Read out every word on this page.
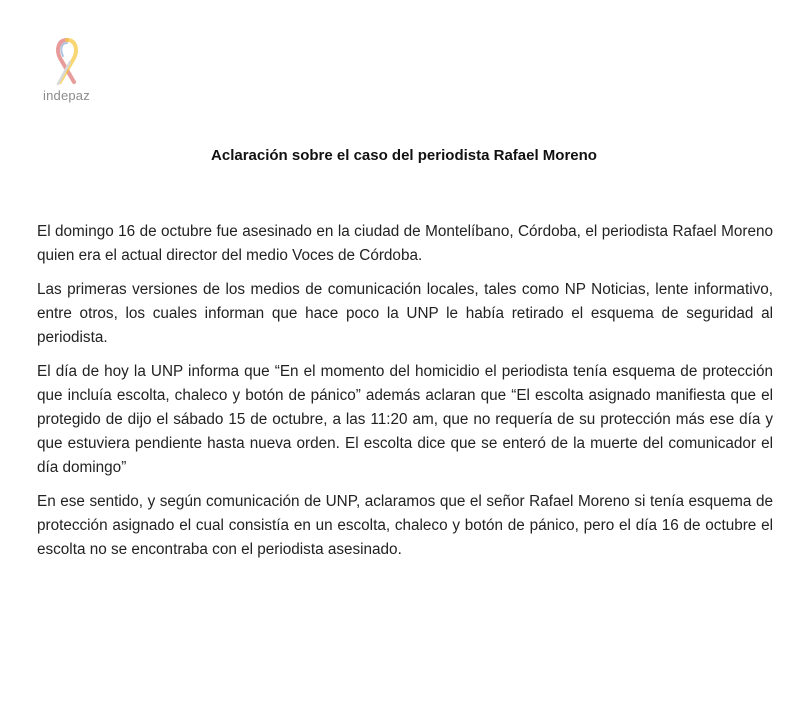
indepaz
Aclaración sobre el caso del periodista Rafael Moreno

El domingo 16 de octubre fue asesinado en la ciudad de Montelíbano, Córdoba, el periodista Rafael Moreno quien era el actual director del medio Voces de Córdoba.

Las primeras versiones de los medios de comunicación locales, tales como NP Noticias, lente informativo, entre otros, los cuales informan que hace poco la UNP le había retirado el esquema de seguridad al periodista.

El día de hoy la UNP informa que “En el momento del homicidio el periodista tenía esquema de protección que incluía escolta, chaleco y botón de pánico” además aclaran que “El escolta asignado manifiesta que el protegido de dijo el sábado 15 de octubre, a las 11:20 am, que no requería de su protección más ese día y que estuviera pendiente hasta nueva orden. El escolta dice que se enteró de la muerte del comunicador el día domingo”

En ese sentido, y según comunicación de UNP, aclaramos que el señor Rafael Moreno si tenía esquema de protección asignado el cual consistía en un escolta, chaleco y botón de pánico, pero el día 16 de octubre el escolta no se encontraba con el periodista asesinado.
